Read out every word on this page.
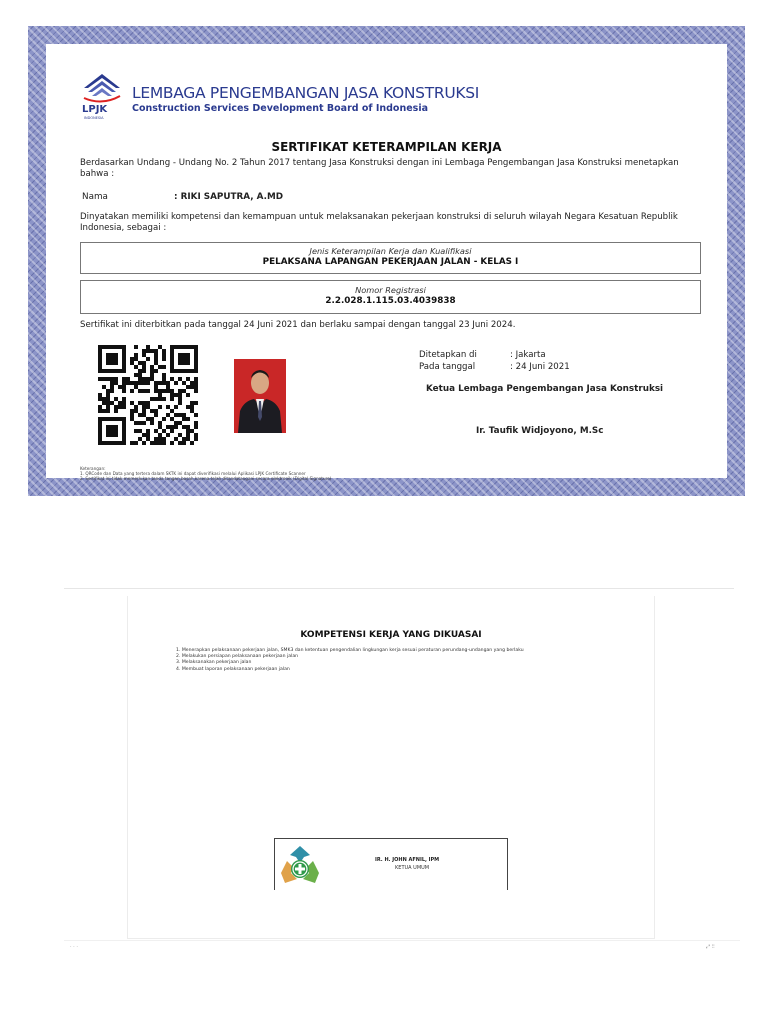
LPJK
INDONESIA
LEMBAGA PENGEMBANGAN JASA KONSTRUKSI
Construction Services Development Board of Indonesia
SERTIFIKAT KETERAMPILAN KERJA
Berdasarkan Undang - Undang No. 2 Tahun 2017 tentang Jasa Konstruksi dengan ini Lembaga Pengembangan Jasa Konstruksi menetapkan bahwa :
Nama	: RIKI SAPUTRA, A.MD
Dinyatakan memiliki kompetensi dan kemampuan untuk melaksanakan pekerjaan konstruksi di seluruh wilayah Negara Kesatuan Republik Indonesia, sebagai :
Jenis Keterampilan Kerja dan Kualifikasi
PELAKSANA LAPANGAN PEKERJAAN JALAN - KELAS I
Nomor Registrasi
2.2.028.1.115.03.4039838
Sertifikat ini diterbitkan pada tanggal 24 Juni 2021 dan berlaku sampai dengan tanggal 23 Juni 2024.
Ditetapkan di	: Jakarta
Pada tanggal	: 24 Juni 2021
Ketua Lembaga Pengembangan Jasa Konstruksi
Ir. Taufik Widjoyono, M.Sc
Keterangan:
1. QRCode dan Data yang tertera dalam SKTK ini dapat diverifikasi melalui Aplikasi LPJK Certificate Scanner
2. Sertifikat ini tidak memerlukan tanda tangan basah karena telah ditandatangani secara elektronik (Digital Signature)
KOMPETENSI KERJA YANG DIKUASAI
1. Menerapkan pelaksanaan pekerjaan jalan, SMK3 dan ketentuan pengendalian lingkungan kerja sesuai peraturan perundang-undangan yang berlaku
2. Melakukan persiapan pelaksanaan pekerjaan jalan
3. Melaksanakan pekerjaan jalan
4. Membuat laporan pelaksanaan pekerjaan jalan
IR. H. JOHN AFNIL, IPM
KETUA UMUM
· · ·	⤢ ⁝⁝
